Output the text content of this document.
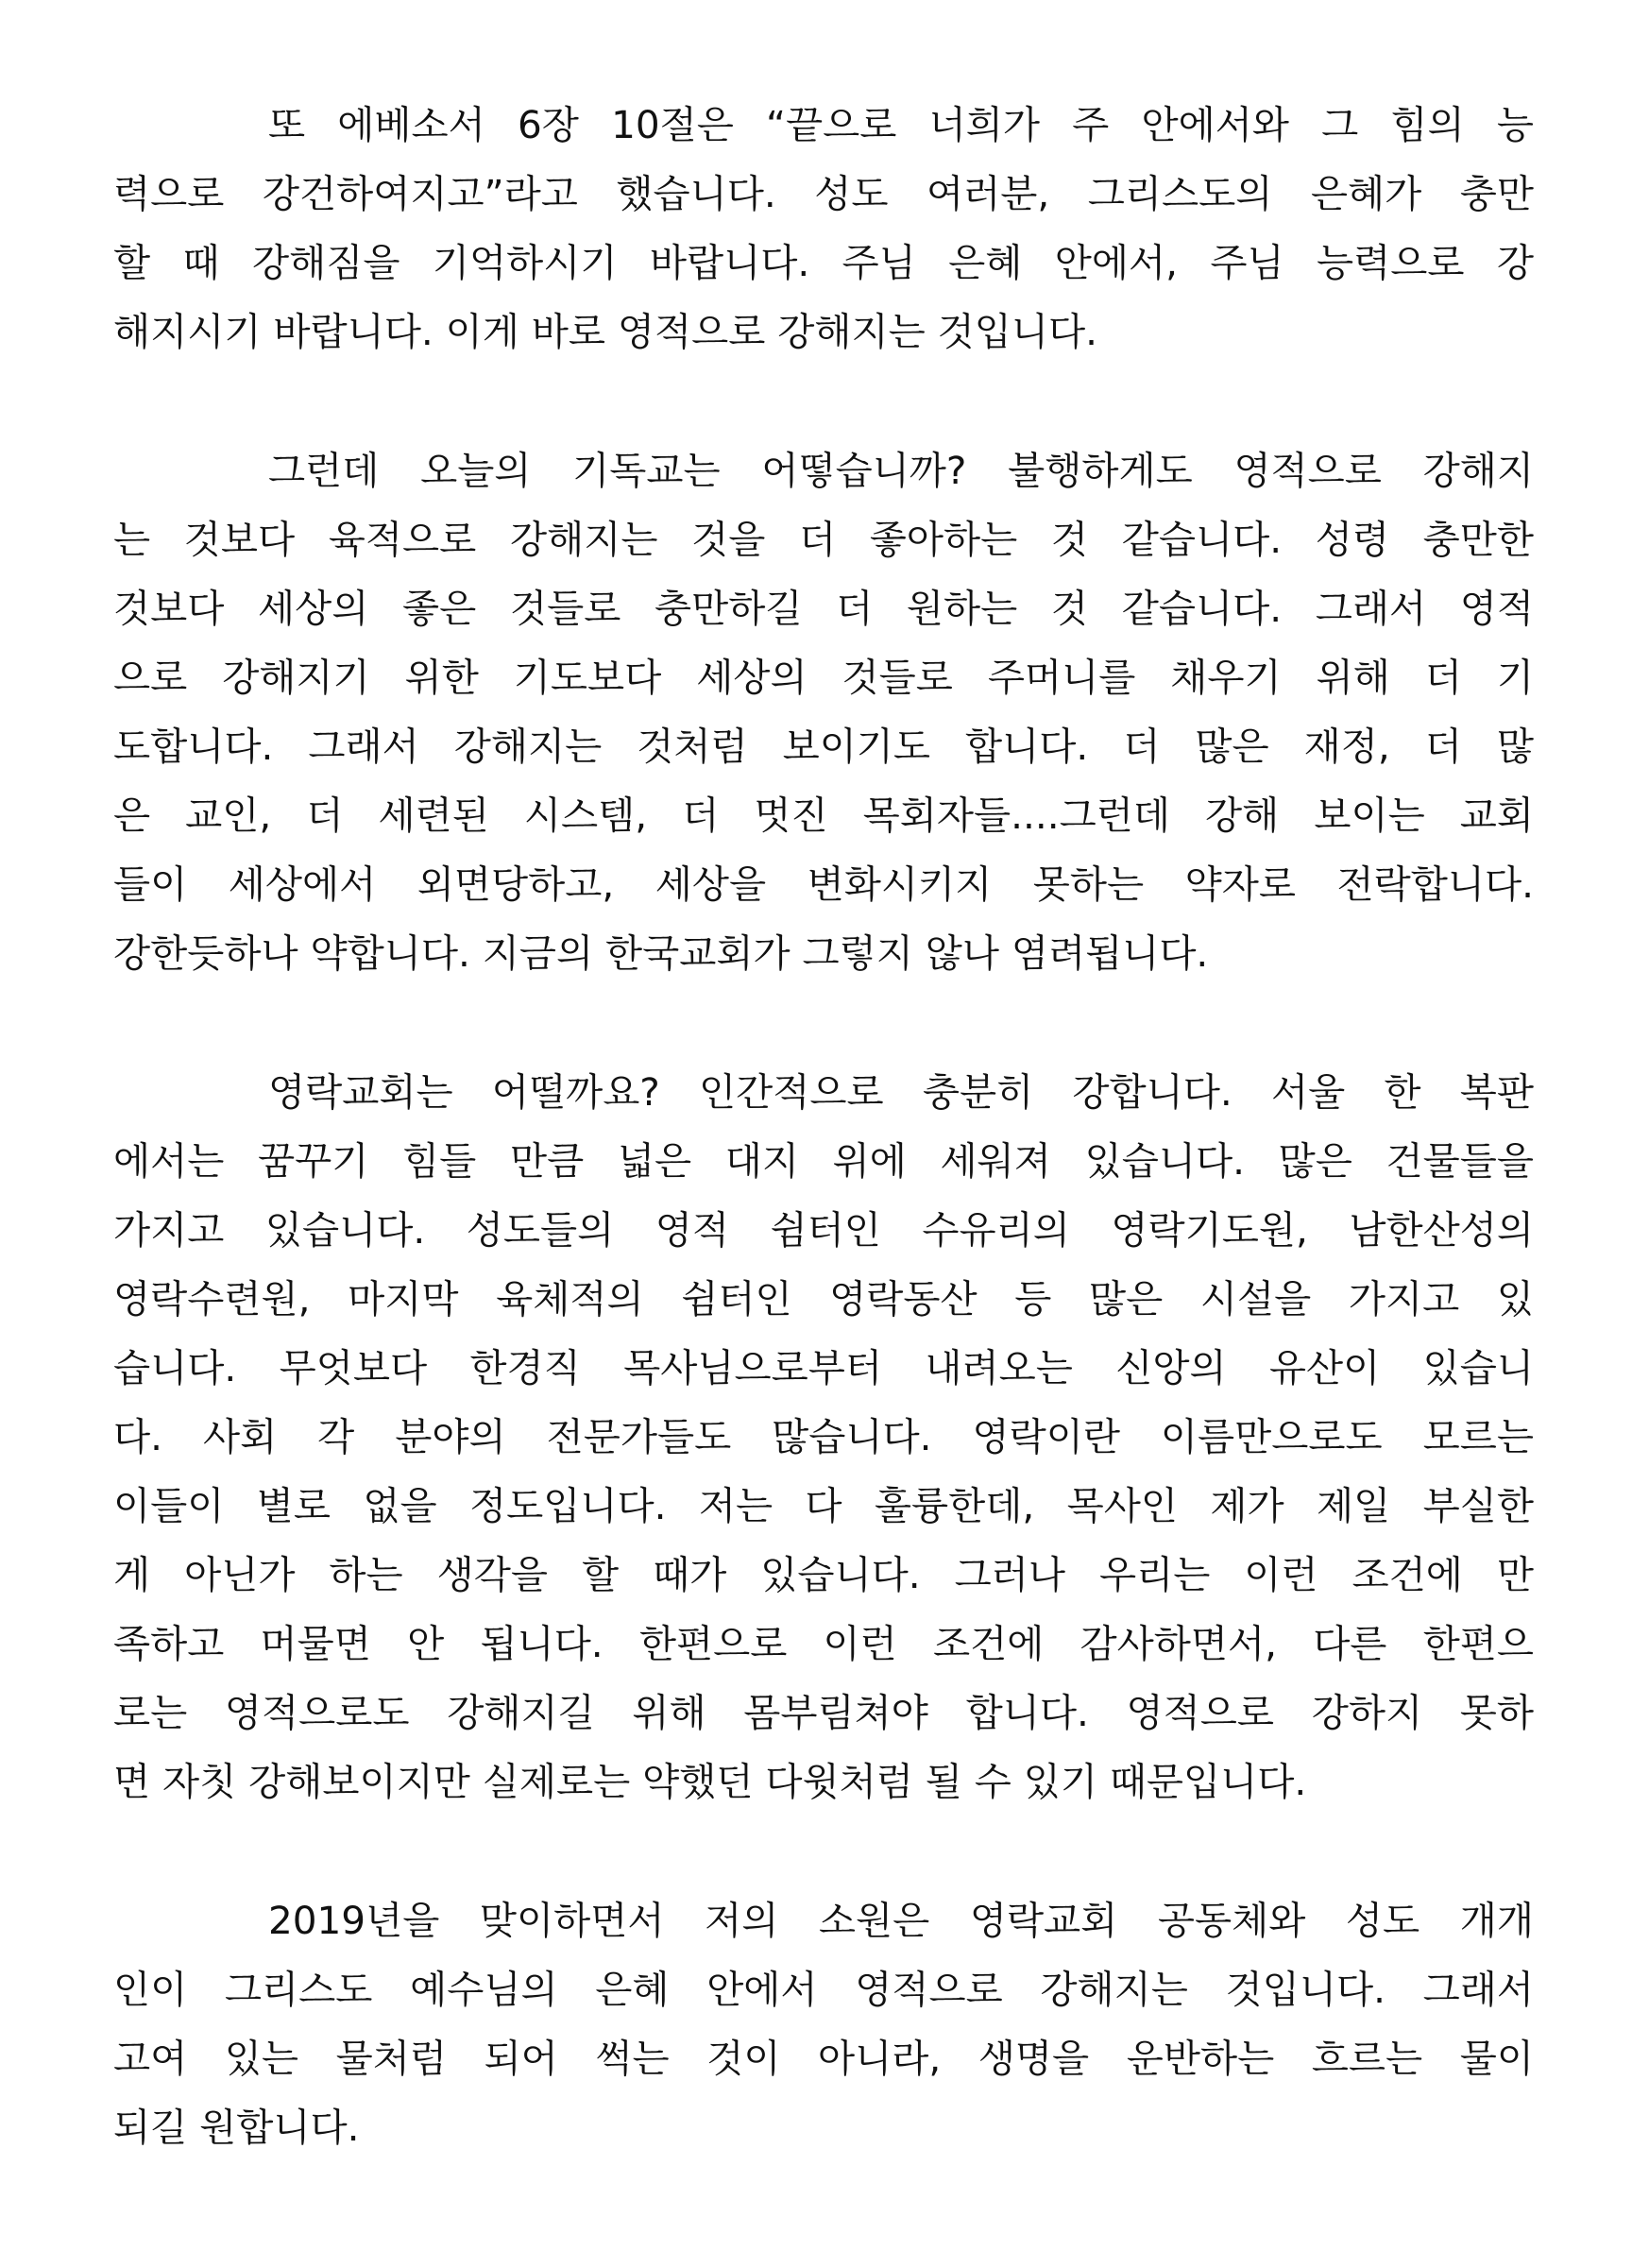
또 에베소서 6장 10절은 “끝으로 너희가 주 안에서와 그 힘의 능
력으로 강건하여지고”라고 했습니다. 성도 여러분, 그리스도의 은혜가 충만
할 때 강해짐을 기억하시기 바랍니다. 주님 은혜 안에서, 주님 능력으로 강
해지시기 바랍니다. 이게 바로 영적으로 강해지는 것입니다.
그런데 오늘의 기독교는 어떻습니까? 불행하게도 영적으로 강해지
는 것보다 육적으로 강해지는 것을 더 좋아하는 것 같습니다. 성령 충만한
것보다 세상의 좋은 것들로 충만하길 더 원하는 것 같습니다. 그래서 영적
으로 강해지기 위한 기도보다 세상의 것들로 주머니를 채우기 위해 더 기
도합니다. 그래서 강해지는 것처럼 보이기도 합니다. 더 많은 재정, 더 많
은 교인, 더 세련된 시스템, 더 멋진 목회자들....그런데 강해 보이는 교회
들이 세상에서 외면당하고, 세상을 변화시키지 못하는 약자로 전락합니다.
강한듯하나 약합니다. 지금의 한국교회가 그렇지 않나 염려됩니다.
영락교회는 어떨까요? 인간적으로 충분히 강합니다. 서울 한 복판
에서는 꿈꾸기 힘들 만큼 넓은 대지 위에 세워져 있습니다. 많은 건물들을
가지고 있습니다. 성도들의 영적 쉼터인 수유리의 영락기도원, 남한산성의
영락수련원, 마지막 육체적의 쉼터인 영락동산 등 많은 시설을 가지고 있
습니다. 무엇보다 한경직 목사님으로부터 내려오는 신앙의 유산이 있습니
다. 사회 각 분야의 전문가들도 많습니다. 영락이란 이름만으로도 모르는
이들이 별로 없을 정도입니다. 저는 다 훌륭한데, 목사인 제가 제일 부실한
게 아닌가 하는 생각을 할 때가 있습니다. 그러나 우리는 이런 조건에 만
족하고 머물면 안 됩니다. 한편으로 이런 조건에 감사하면서, 다른 한편으
로는 영적으로도 강해지길 위해 몸부림쳐야 합니다. 영적으로 강하지 못하
면 자칫 강해보이지만 실제로는 약했던 다윗처럼 될 수 있기 때문입니다.
2019년을 맞이하면서 저의 소원은 영락교회 공동체와 성도 개개
인이 그리스도 예수님의 은혜 안에서 영적으로 강해지는 것입니다. 그래서
고여 있는 물처럼 되어 썩는 것이 아니라, 생명을 운반하는 흐르는 물이
되길 원합니다.
